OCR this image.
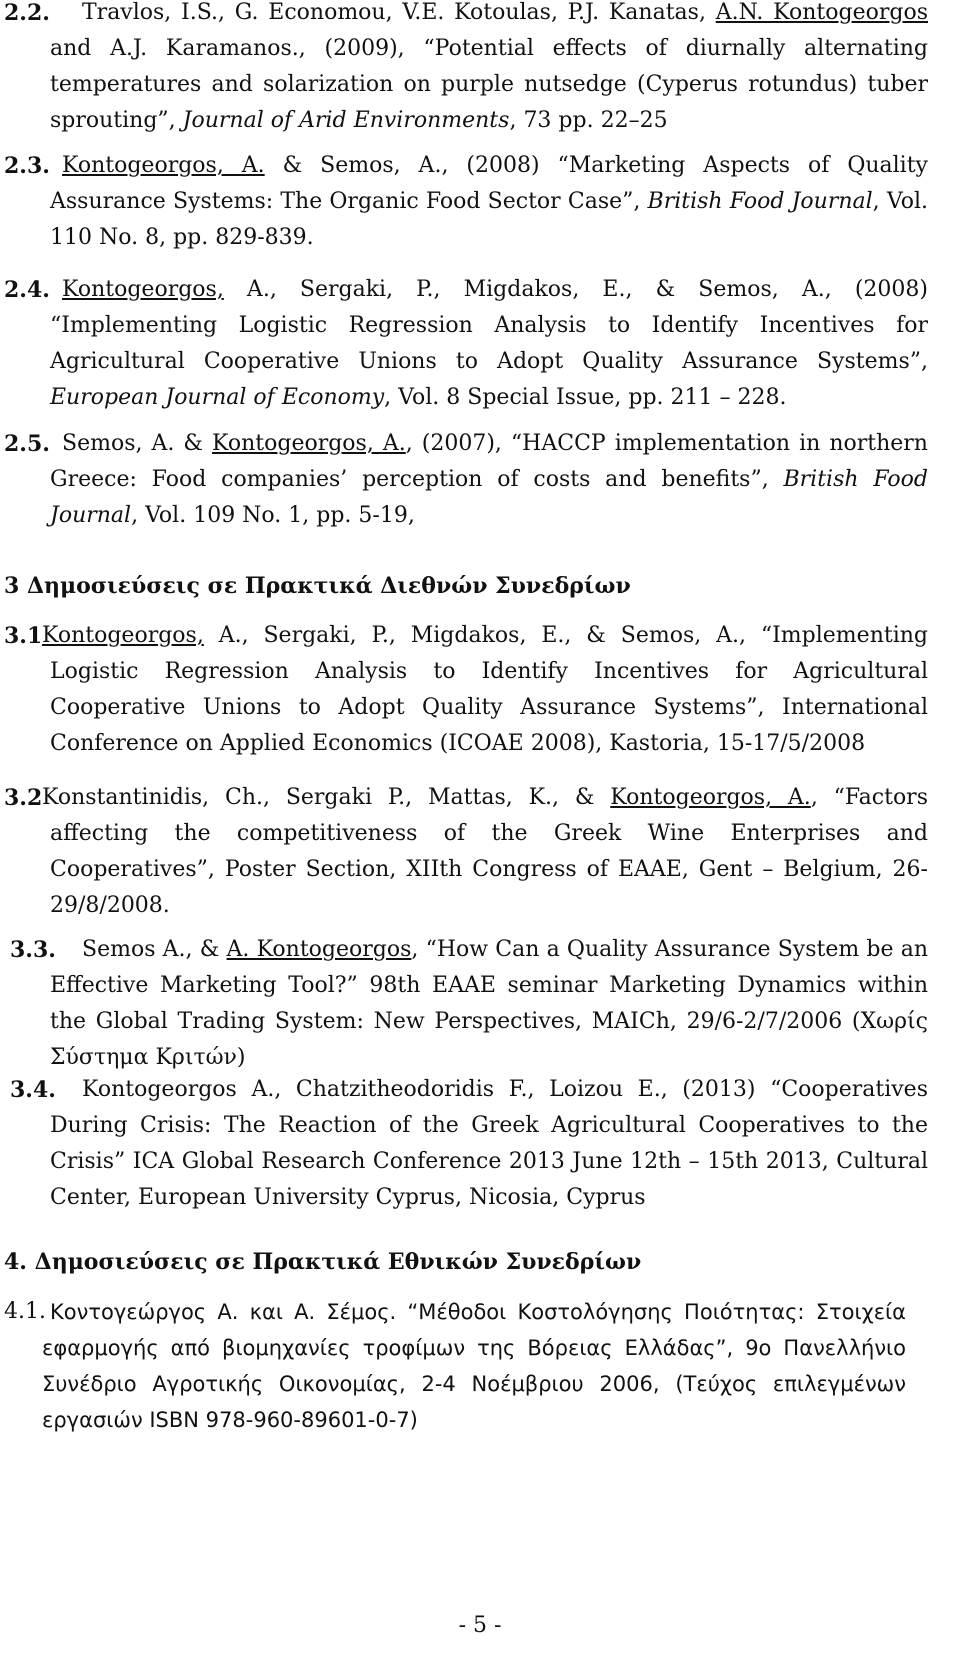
2.2.	Travlos, I.S., G. Economou, V.E. Kotoulas, P.J. Kanatas, A.N. Kontogeorgos and A.J. Karamanos., (2009), “Potential effects of diurnally alternating temperatures and solarization on purple nutsedge (Cyperus rotundus) tuber sprouting”, Journal of Arid Environments, 73 pp. 22–25
2.3. Kontogeorgos, A. & Semos, A., (2008) “Marketing Aspects of Quality Assurance Systems: The Organic Food Sector Case”, British Food Journal, Vol. 110 No. 8, pp. 829-839.
2.4. Kontogeorgos, A., Sergaki, P., Migdakos, E., & Semos, A., (2008) “Implementing Logistic Regression Analysis to Identify Incentives for Agricultural Cooperative Unions to Adopt Quality Assurance Systems”, European Journal of Economy, Vol. 8 Special Issue, pp. 211 – 228.
2.5. Semos, A. & Kontogeorgos, A., (2007), “HACCP implementation in northern Greece: Food companies’ perception of costs and benefits”, British Food Journal, Vol. 109 No. 1, pp. 5-19,
3 Δημοσιεύσεις σε Πρακτικά Διεθνών Συνεδρίων
3.1 Kontogeorgos, A., Sergaki, P., Migdakos, E., & Semos, A., “Implementing Logistic Regression Analysis to Identify Incentives for Agricultural Cooperative Unions to Adopt Quality Assurance Systems”, International Conference on Applied Economics (ICOAE 2008), Kastoria, 15-17/5/2008
3.2 Konstantinidis, Ch., Sergaki P., Mattas, K., & Kontogeorgos, A., “Factors affecting the competitiveness of the Greek Wine Enterprises and Cooperatives”, Poster Section, XIIth Congress of EAAE, Gent – Belgium, 26-29/8/2008.
3.3.	Semos A., & A. Kontogeorgos, “How Can a Quality Assurance System be an Effective Marketing Tool?” 98th EAAE seminar Marketing Dynamics within the Global Trading System: New Perspectives, MAICh, 29/6-2/7/2006 (Χωρίς Σύστημα Κριτών)
3.4.	Kontogeorgos A., Chatzitheodoridis F., Loizou E., (2013) “Cooperatives During Crisis: The Reaction of the Greek Agricultural Cooperatives to the Crisis” ICA Global Research Conference 2013 June 12th – 15th 2013, Cultural Center, European University Cyprus, Nicosia, Cyprus
4. Δημοσιεύσεις σε Πρακτικά Εθνικών Συνεδρίων
4.1. Κοντογεώργος Α. και Α. Σέμος. “Μέθοδοι Κοστολόγησης Ποιότητας: Στοιχεία εφαρμογής από βιομηχανίες τροφίμων της Βόρειας Ελλάδας”, 9ο Πανελλήνιο Συνέδριο Αγροτικής Οικονομίας, 2-4 Νοέμβριου 2006, (Τεύχος επιλεγμένων εργασιών ISBN 978-960-89601-0-7)
- 5 -
